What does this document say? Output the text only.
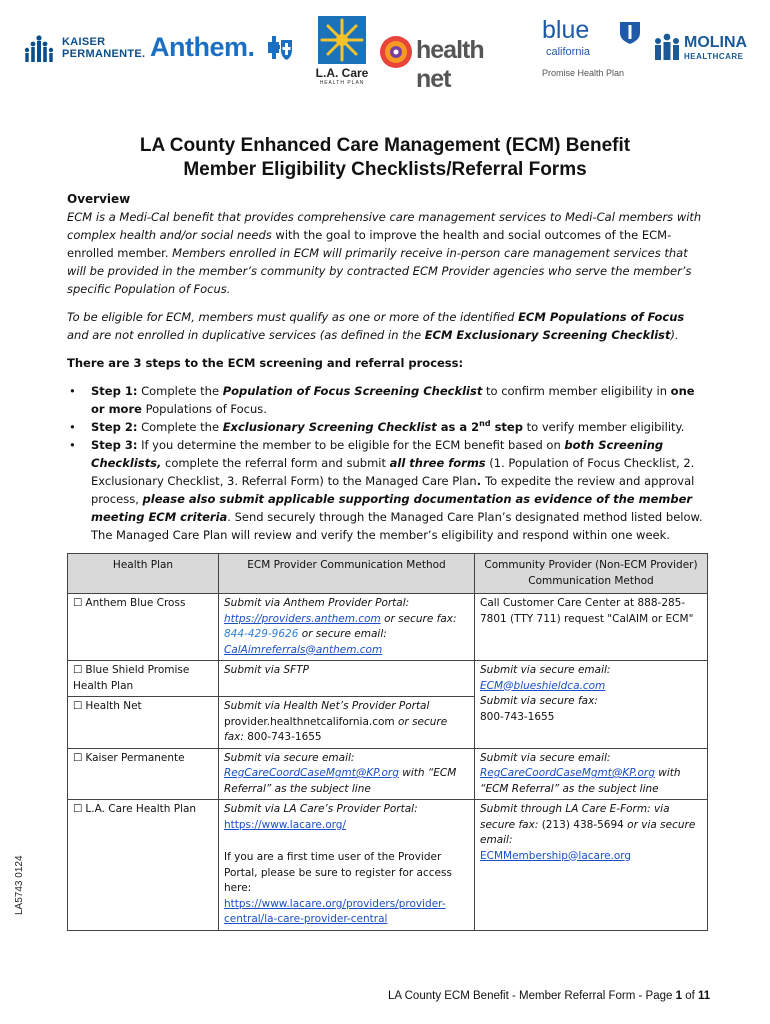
KAISER
PERMANENTE. Anthem.
L.A. Care
HEALTH PLAN
health net
blue
california
Promise Health Plan
MOLINA
HEALTHCARE
LA County Enhanced Care Management (ECM) Benefit
Member Eligibility Checklists/Referral Forms

Overview

ECM is a Medi-Cal benefit that provides comprehensive care management services to Medi-Cal members with complex health and/or social needs with the goal to improve the health and social outcomes of the ECM-enrolled member. Members enrolled in ECM will primarily receive in-person care management services that will be provided in the member’s community by contracted ECM Provider agencies who serve the member’s specific Population of Focus.

To be eligible for ECM, members must qualify as one or more of the identified ECM Populations of Focus and are not enrolled in duplicative services (as defined in the ECM Exclusionary Screening Checklist).

There are 3 steps to the ECM screening and referral process:

• Step 1: Complete the Population of Focus Screening Checklist to confirm member eligibility in one or more Populations of Focus.
• Step 2: Complete the Exclusionary Screening Checklist as a 2nd step to verify member eligibility.
• Step 3: If you determine the member to be eligible for the ECM benefit based on both Screening Checklists, complete the referral form and submit all three forms (1. Population of Focus Checklist, 2. Exclusionary Checklist, 3. Referral Form) to the Managed Care Plan. To expedite the review and approval process, please also submit applicable supporting documentation as evidence of the member meeting ECM criteria. Send securely through the Managed Care Plan’s designated method listed below. The Managed Care Plan will review and verify the member’s eligibility and respond within one week.
Health Plan	ECM Provider Communication Method	Community Provider (Non-ECM Provider) Communication Method
☐ Anthem Blue Cross	Submit via Anthem Provider Portal: https://providers.anthem.com or secure fax: 844-429-9626 or secure email: CalAimreferrals@anthem.com	Call Customer Care Center at 888-285-7801 (TTY 711) request "CalAIM or ECM"
☐ Blue Shield Promise Health Plan	Submit via SFTP	Submit via secure email:
ECM@blueshieldca.com
Submit via secure fax:
800-743-1655
☐ Health Net	Submit via Health Net’s Provider Portal
provider.healthnetcalifornia.com or secure fax: 800-743-1655	
☐ Kaiser Permanente	Submit via secure email:
RegCareCoordCaseMgmt@KP.org with “ECM Referral” as the subject line	Submit via secure email:
RegCareCoordCaseMgmt@KP.org with “ECM Referral” as the subject line
☐ L.A. Care Health Plan	Submit via LA Care’s Provider Portal:
https://www.lacare.org/
If you are a first time user of the Provider Portal, please be sure to register for access here:
https://www.lacare.org/providers/provider-central/la-care-provider-central	Submit through LA Care E-Form: via secure fax: (213) 438-5694 or via secure email:
ECMMembership@lacare.org
LA5743 0124
LA County ECM Benefit - Member Referral Form - Page 1 of 11
